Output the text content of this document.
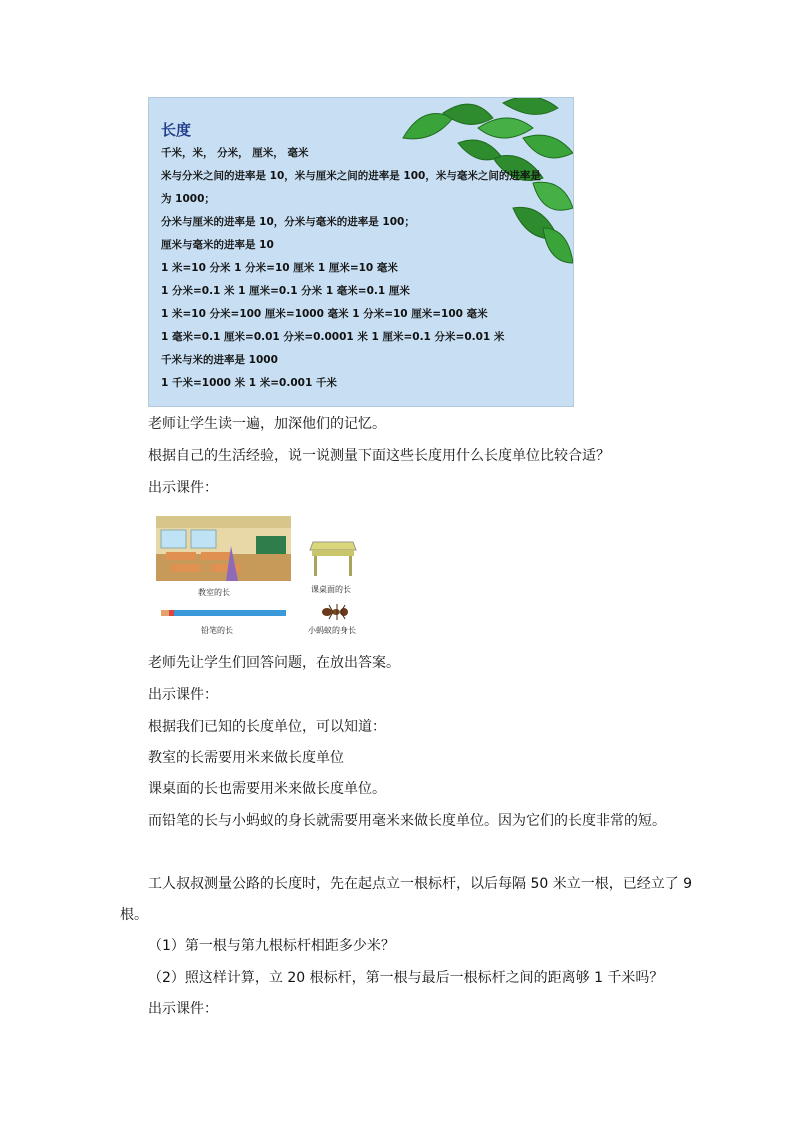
长度
千米，米， 分米， 厘米， 毫米
米与分米之间的进率是 10，米与厘米之间的进率是 100，米与毫米之间的进率是
为 1000；
分米与厘米的进率是 10，分米与毫米的进率是 100；
厘米与毫米的进率是 10
1 米=10 分米 1 分米=10 厘米 1 厘米=10 毫米
1 分米=0.1 米 1 厘米=0.1 分米 1 毫米=0.1 厘米
1 米=10 分米=100 厘米=1000 毫米 1 分米=10 厘米=100 毫米
1 毫米=0.1 厘米=0.01 分米=0.0001 米 1 厘米=0.1 分米=0.01 米
千米与米的进率是 1000
1 千米=1000 米 1 米=0.001 千米
老师让学生读一遍，加深他们的记忆。
根据自己的生活经验，说一说测量下面这些长度用什么长度单位比较合适？
出示课件：
教室的长	课桌面的长
铅笔的长	小蚂蚁的身长
老师先让学生们回答问题，在放出答案。
出示课件：
根据我们已知的长度单位，可以知道：
教室的长需要用米来做长度单位
课桌面的长也需要用米来做长度单位。
而铅笔的长与小蚂蚁的身长就需要用毫米来做长度单位。因为它们的长度非常的短。
工人叔叔测量公路的长度时，先在起点立一根标杆，以后每隔 50 米立一根，已经立了 9
根。
（1）第一根与第九根标杆相距多少米？
（2）照这样计算，立 20 根标杆，第一根与最后一根标杆之间的距离够 1 千米吗？
出示课件：
